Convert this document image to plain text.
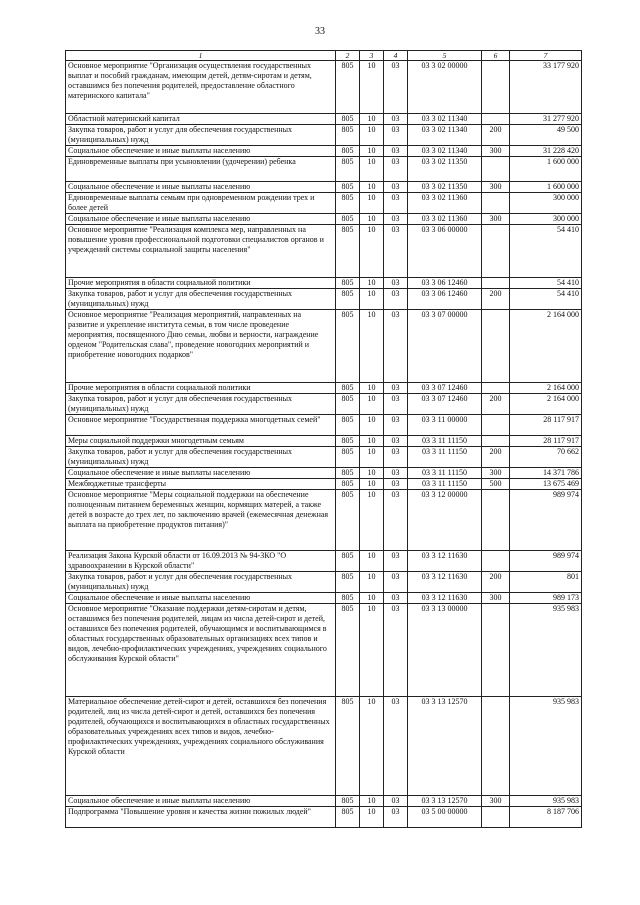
33
1	2	3	4	5	6	7
Основное мероприятие "Организация осуществления государственных выплат и пособий гражданам, имеющим детей, детям-сиротам и детям, оставшимся без попечения родителей, предоставление областного материнского капитала"	805	10	03	03 3 02 00000		33 177 920
Областной материнский капитал	805	10	03	03 3 02 11340		31 277 920
Закупка товаров, работ и услуг для обеспечения государственных (муниципальных) нужд	805	10	03	03 3 02 11340	200	49 500
Социальное обеспечение и иные выплаты населению	805	10	03	03 3 02 11340	300	31 228 420
Единовременные выплаты при усыновлении (удочерении) ребенка	805	10	03	03 3 02 11350		1 600 000
Социальное обеспечение и иные выплаты населению	805	10	03	03 3 02 11350	300	1 600 000
Единовременные выплаты семьям при одновременном рождении трех и более детей	805	10	03	03 3 02 11360		300 000
Социальное обеспечение и иные выплаты населению	805	10	03	03 3 02 11360	300	300 000
Основное мероприятие "Реализация комплекса мер, направленных на повышение уровня профессиональной подготовки специалистов органов и учреждений системы социальной защиты населения"	805	10	03	03 3 06 00000		54 410
Прочие мероприятия в области социальной политики	805	10	03	03 3 06 12460		54 410
Закупка товаров, работ и услуг для обеспечения государственных (муниципальных) нужд	805	10	03	03 3 06 12460	200	54 410
Основное мероприятие "Реализация мероприятий, направленных на развитие и укрепление института семьи, в том числе проведение мероприятия, посвященного Дню семьи, любви и верности, награждение орденом "Родительская слава", проведение новогодних мероприятий и приобретение новогодних подарков"	805	10	03	03 3 07 00000		2 164 000
Прочие мероприятия в области социальной политики	805	10	03	03 3 07 12460		2 164 000
Закупка товаров, работ и услуг для обеспечения государственных (муниципальных) нужд	805	10	03	03 3 07 12460	200	2 164 000
Основное мероприятие "Государственная поддержка многодетных семей"	805	10	03	03 3 11 00000		28 117 917
Меры социальной поддержки многодетным семьям	805	10	03	03 3 11 11150		28 117 917
Закупка товаров, работ и услуг для обеспечения государственных (муниципальных) нужд	805	10	03	03 3 11 11150	200	70 662
Социальное обеспечение и иные выплаты населению	805	10	03	03 3 11 11150	300	14 371 786
Межбюджетные трансферты	805	10	03	03 3 11 11150	500	13 675 469
Основное мероприятие "Меры социальной поддержки на обеспечение полноценным питанием беременных женщин, кормящих матерей, а также детей в возрасте до трех лет, по заключению врачей (ежемесячная денежная выплата на приобретение продуктов питания)"	805	10	03	03 3 12 00000		989 974
Реализация Закона Курской области от 16.09.2013 № 94-ЗКО "О здравоохранении в Курской области"	805	10	03	03 3 12 11630		989 974
Закупка товаров, работ и услуг для обеспечения государственных (муниципальных) нужд	805	10	03	03 3 12 11630	200	801
Социальное обеспечение и иные выплаты населению	805	10	03	03 3 12 11630	300	989 173
Основное мероприятие "Оказание поддержки детям-сиротам и детям, оставшимся без попечения родителей, лицам из числа детей-сирот и детей, оставшихся без попечения родителей, обучающимся и воспитывающимся в областных государственных образовательных организациях всех типов и видов, лечебно-профилактических учреждениях, учреждениях социального обслуживания Курской области"	805	10	03	03 3 13 00000		935 983
Материальное обеспечение детей-сирот и детей, оставшихся без попечения родителей, лиц из числа детей-сирот и детей, оставшихся без попечения родителей, обучающихся и воспитывающихся в областных государственных образовательных учреждениях всех типов и видов, лечебно-профилактических учреждениях, учреждениях социального обслуживания Курской области	805	10	03	03 3 13 12570		935 983
Социальное обеспечение и иные выплаты населению	805	10	03	03 3 13 12570	300	935 983
Подпрограмма "Повышение уровня и качества жизни пожилых людей"	805	10	03	03 5 00 00000		8 187 706
